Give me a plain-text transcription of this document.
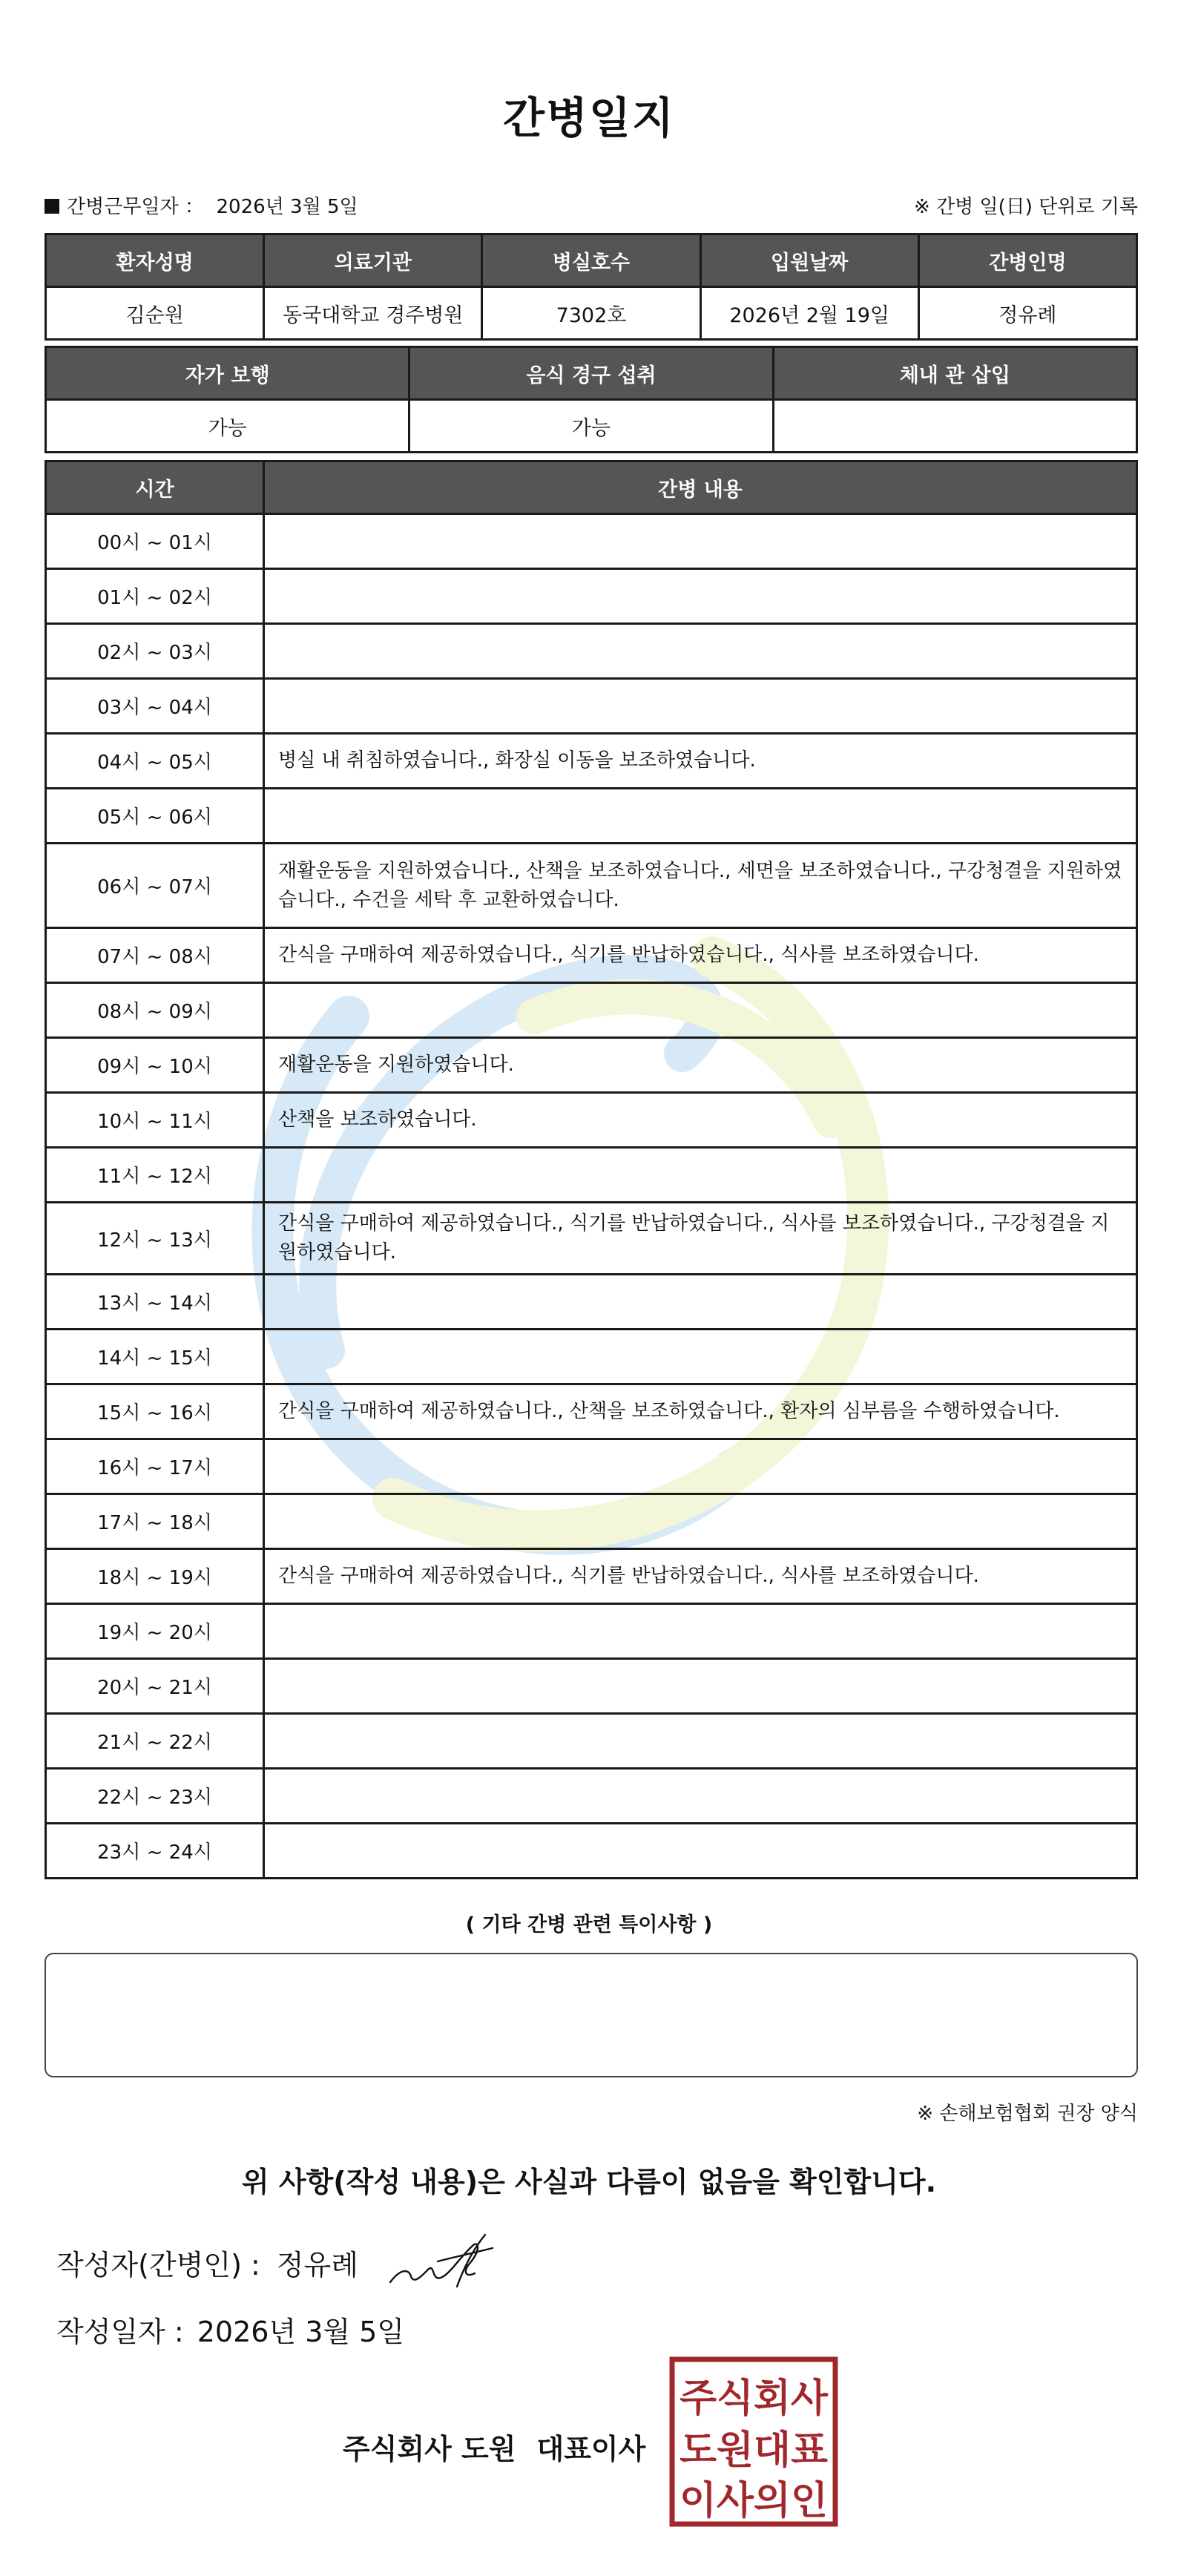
간병일지
간병근무일자 ： 2026년 3월 5일	※ 간병 일(日) 단위로 기록
환자성명	의료기관	병실호수	입원날짜	간병인명
김순원	동국대학교 경주병원	7302호	2026년 2월 19일	정유례
자가 보행	음식 경구 섭취	체내 관 삽입
가능	가능	
시간	간병 내용
00시 ~ 01시	
01시 ~ 02시	
02시 ~ 03시	
03시 ~ 04시	
04시 ~ 05시	병실 내 취침하였습니다., 화장실 이동을 보조하였습니다.
05시 ~ 06시	
06시 ~ 07시	재활운동을 지원하였습니다., 산책을 보조하였습니다., 세면을 보조하였습니다., 구강청결을 지원하였습니다., 수건을 세탁 후 교환하였습니다.
07시 ~ 08시	간식을 구매하여 제공하였습니다., 식기를 반납하였습니다., 식사를 보조하였습니다.
08시 ~ 09시	
09시 ~ 10시	재활운동을 지원하였습니다.
10시 ~ 11시	산책을 보조하였습니다.
11시 ~ 12시	
12시 ~ 13시	간식을 구매하여 제공하였습니다., 식기를 반납하였습니다., 식사를 보조하였습니다., 구강청결을 지원하였습니다.
13시 ~ 14시	
14시 ~ 15시	
15시 ~ 16시	간식을 구매하여 제공하였습니다., 산책을 보조하였습니다., 환자의 심부름을 수행하였습니다.
16시 ~ 17시	
17시 ~ 18시	
18시 ~ 19시	간식을 구매하여 제공하였습니다., 식기를 반납하였습니다., 식사를 보조하였습니다.
19시 ~ 20시	
20시 ~ 21시	
21시 ~ 22시	
22시 ~ 23시	
23시 ~ 24시	
( 기타 간병 관련 특이사항 )
※ 손해보험협회 권장 양식
위 사항(작성 내용)은 사실과 다름이 없음을 확인합니다.
작성자(간병인) : 정유례
작성일자 : 2026년 3월 5일
주식회사 도원 대표이사
주식회사
도원대표
이사의인
